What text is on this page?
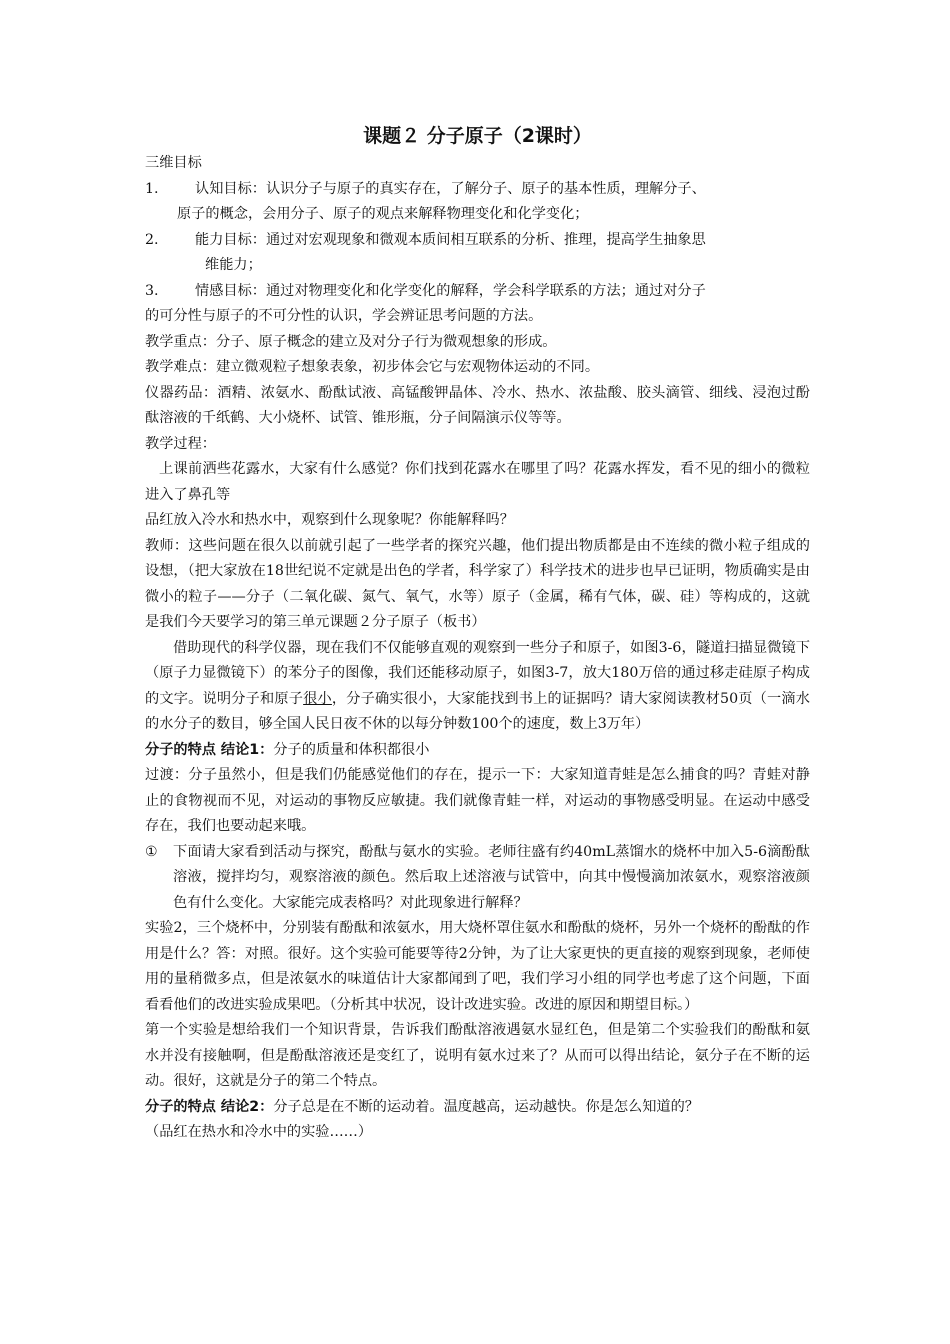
课题２ 分子原子（2课时）

三维目标

1.	认知目标：认识分子与原子的真实存在，了解分子、原子的基本性质，理解分子、

原子的概念，会用分子、原子的观点来解释物理变化和化学变化；

2.	能力目标：通过对宏观现象和微观本质间相互联系的分析、推理，提高学生抽象思

维能力；

3.	情感目标：通过对物理变化和化学变化的解释，学会科学联系的方法；通过对分子

的可分性与原子的不可分性的认识，学会辨证思考问题的方法。

教学重点：分子、原子概念的建立及对分子行为微观想象的形成。

教学难点：建立微观粒子想象表象，初步体会它与宏观物体运动的不同。

仪器药品：酒精、浓氨水、酚酞试液、高锰酸钾晶体、冷水、热水、浓盐酸、胶头滴管、细线、浸泡过酚酞溶液的千纸鹤、大小烧杯、试管、锥形瓶，分子间隔演示仪等等。

教学过程：

上课前洒些花露水，大家有什么感觉？你们找到花露水在哪里了吗？花露水挥发，看不见的细小的微粒进入了鼻孔等

品红放入冷水和热水中，观察到什么现象呢？你能解释吗？

教师：这些问题在很久以前就引起了一些学者的探究兴趣，他们提出物质都是由不连续的微小粒子组成的设想，（把大家放在18世纪说不定就是出色的学者，科学家了）科学技术的进步也早已证明，物质确实是由微小的粒子——分子（二氧化碳、氮气、氧气，水等）原子（金属，稀有气体，碳、硅）等构成的，这就是我们今天要学习的第三单元课题２分子原子（板书）

借助现代的科学仪器，现在我们不仅能够直观的观察到一些分子和原子，如图3-6，隧道扫描显微镜下（原子力显微镜下）的苯分子的图像，我们还能移动原子，如图3-7，放大180万倍的通过移走硅原子构成的文字。说明分子和原子很小，分子确实很小，大家能找到书上的证据吗？请大家阅读教材50页（一滴水的水分子的数目，够全国人民日夜不休的以每分钟数100个的速度，数上3万年）

分子的特点 结论1：分子的质量和体积都很小

过渡：分子虽然小，但是我们仍能感觉他们的存在，提示一下：大家知道青蛙是怎么捕食的吗？青蛙对静止的食物视而不见，对运动的事物反应敏捷。我们就像青蛙一样，对运动的事物感受明显。在运动中感受存在，我们也要动起来哦。

①	下面请大家看到活动与探究，酚酞与氨水的实验。老师往盛有约40mL蒸馏水的烧杯中加入5-6滴酚酞溶液，搅拌均匀，观察溶液的颜色。然后取上述溶液与试管中，向其中慢慢滴加浓氨水，观察溶液颜色有什么变化。大家能完成表格吗？对此现象进行解释？

实验2，三个烧杯中，分别装有酚酞和浓氨水，用大烧杯罩住氨水和酚酞的烧杯，另外一个烧杯的酚酞的作用是什么？答：对照。很好。这个实验可能要等待2分钟，为了让大家更快的更直接的观察到现象，老师使用的量稍微多点，但是浓氨水的味道估计大家都闻到了吧，我们学习小组的同学也考虑了这个问题，下面看看他们的改进实验成果吧。（分析其中状况，设计改进实验。改进的原因和期望目标。）

第一个实验是想给我们一个知识背景，告诉我们酚酞溶液遇氨水显红色，但是第二个实验我们的酚酞和氨水并没有接触啊，但是酚酞溶液还是变红了，说明有氨水过来了？从而可以得出结论，氨分子在不断的运动。很好，这就是分子的第二个特点。

分子的特点 结论2：分子总是在不断的运动着。温度越高，运动越快。你是怎么知道的？

（品红在热水和冷水中的实验……）
